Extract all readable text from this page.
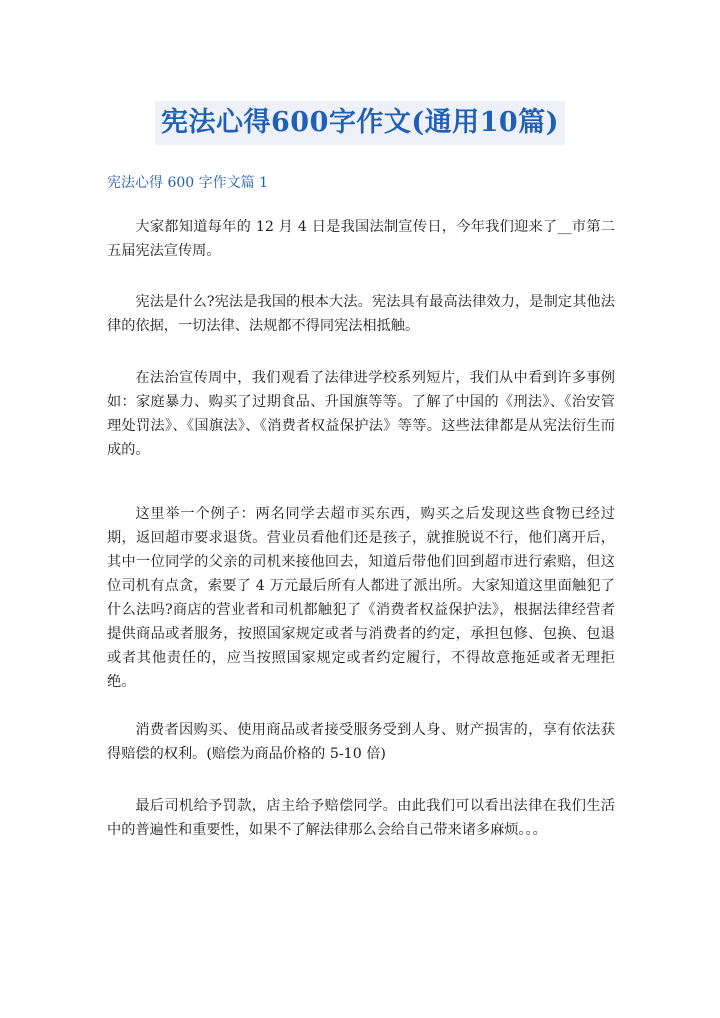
宪法心得600字作文(通用10篇)
宪法心得 600 字作文篇 1

大家都知道每年的 12 月 4 日是我国法制宣传日，今年我们迎来了__市第二五届宪法宣传周。

宪法是什么?宪法是我国的根本大法。宪法具有最高法律效力，是制定其他法律的依据，一切法律、法规都不得同宪法相抵触。

在法治宣传周中，我们观看了法律进学校系列短片，我们从中看到许多事例如：家庭暴力、购买了过期食品、升国旗等等。了解了中国的《刑法》、《治安管理处罚法》、《国旗法》、《消费者权益保护法》等等。这些法律都是从宪法衍生而成的。

这里举一个例子：两名同学去超市买东西，购买之后发现这些食物已经过期，返回超市要求退货。营业员看他们还是孩子，就推脱说不行，他们离开后，其中一位同学的父亲的司机来接他回去，知道后带他们回到超市进行索赔，但这位司机有点贪，索要了 4 万元最后所有人都进了派出所。大家知道这里面触犯了什么法吗?商店的营业者和司机都触犯了《消费者权益保护法》，根据法律经营者提供商品或者服务，按照国家规定或者与消费者的约定，承担包修、包换、包退或者其他责任的，应当按照国家规定或者约定履行，不得故意拖延或者无理拒绝。

消费者因购买、使用商品或者接受服务受到人身、财产损害的，享有依法获得赔偿的权利。(赔偿为商品价格的 5-10 倍)

最后司机给予罚款，店主给予赔偿同学。由此我们可以看出法律在我们生活中的普遍性和重要性，如果不了解法律那么会给自己带来诸多麻烦。。。
